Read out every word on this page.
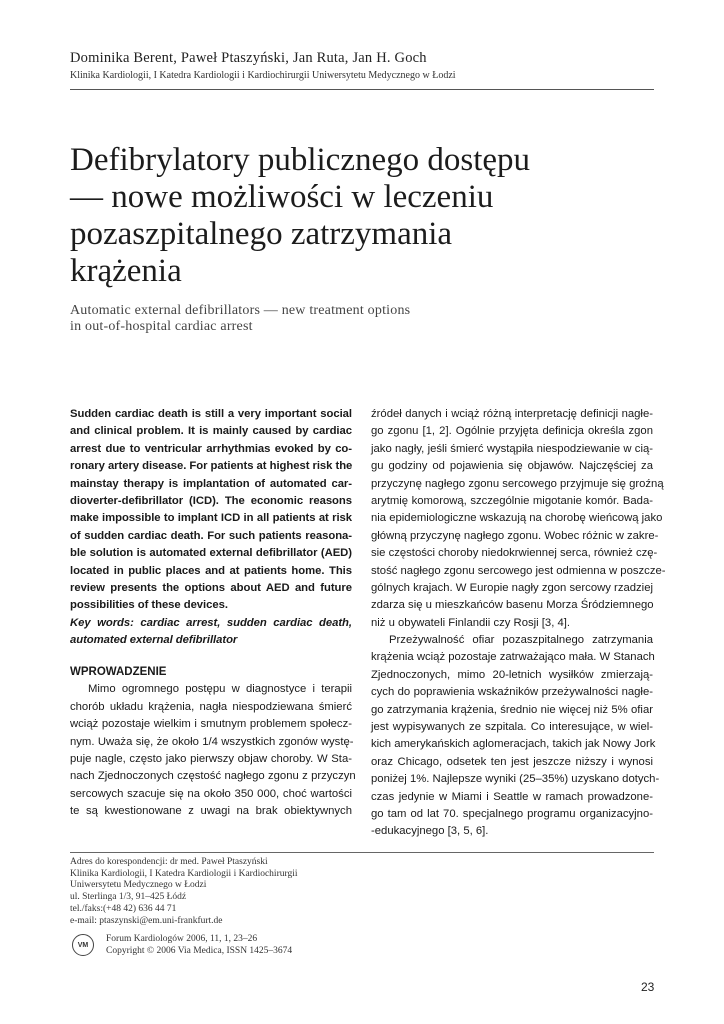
Dominika Berent, Paweł Ptaszyński, Jan Ruta, Jan H. Goch
Klinika Kardiologii, I Katedra Kardiologii i Kardiochirurgii Uniwersytetu Medycznego w Łodzi
Defibrylatory publicznego dostępu
— nowe możliwości w leczeniu
pozaszpitalnego zatrzymania
krążenia
Automatic external defibrillators — new treatment options
in out-of-hospital cardiac arrest
Sudden cardiac death is still a very important social
and clinical problem. It is mainly caused by cardiac
arrest due to ventricular arrhythmias evoked by co-
ronary artery disease. For patients at highest risk the
mainstay therapy is implantation of automated car-
dioverter-defibrillator (ICD). The economic reasons
make impossible to implant ICD in all patients at risk
of sudden cardiac death. For such patients reasona-
ble solution is automated external defibrillator (AED)
located in public places and at patients home. This
review presents the options about AED and future
possibilities of these devices.
Key words: cardiac arrest, sudden cardiac death,
automated external defibrillator
WPROWADZENIE
Mimo ogromnego postępu w diagnostyce i terapii
chorób układu krążenia, nagła niespodziewana śmierć
wciąż pozostaje wielkim i smutnym problemem społecz-
nym. Uważa się, że około 1/4 wszystkich zgonów wystę-
puje nagle, często jako pierwszy objaw choroby. W Sta-
nach Zjednoczonych częstość nagłego zgonu z przyczyn
sercowych szacuje się na około 350 000, choć wartości
te są kwestionowane z uwagi na brak obiektywnych
źródeł danych i wciąż różną interpretację definicji nagłe-
go zgonu [1, 2]. Ogólnie przyjęta definicja określa zgon
jako nagły, jeśli śmierć wystąpiła niespodziewanie w cią-
gu godziny od pojawienia się objawów. Najczęściej za
przyczynę nagłego zgonu sercowego przyjmuje się groźną
arytmię komorową, szczególnie migotanie komór. Bada-
nia epidemiologiczne wskazują na chorobę wieńcową jako
główną przyczynę nagłego zgonu. Wobec różnic w zakre-
sie częstości choroby niedokrwiennej serca, również czę-
stość nagłego zgonu sercowego jest odmienna w poszcze-
gólnych krajach. W Europie nagły zgon sercowy rzadziej
zdarza się u mieszkańców basenu Morza Śródziemnego
niż u obywateli Finlandii czy Rosji [3, 4].
Przeżywalność ofiar pozaszpitalnego zatrzymania
krążenia wciąż pozostaje zatrważająco mała. W Stanach
Zjednoczonych, mimo 20-letnich wysiłków zmierzają-
cych do poprawienia wskaźników przeżywalności nagłe-
go zatrzymania krążenia, średnio nie więcej niż 5% ofiar
jest wypisywanych ze szpitala. Co interesujące, w wiel-
kich amerykańskich aglomeracjach, takich jak Nowy Jork
oraz Chicago, odsetek ten jest jeszcze niższy i wynosi
poniżej 1%. Najlepsze wyniki (25–35%) uzyskano dotych-
czas jedynie w Miami i Seattle w ramach prowadzone-
go tam od lat 70. specjalnego programu organizacyjno-
-edukacyjnego [3, 5, 6].
Adres do korespondencji: dr med. Paweł Ptaszyński
Klinika Kardiologii, I Katedra Kardiologii i Kardiochirurgii
Uniwersytetu Medycznego w Łodzi
ul. Sterlinga 1/3, 91–425 Łódź
tel./faks:(+48 42) 636 44 71
e-mail: ptaszynski@em.uni-frankfurt.de
VM
Forum Kardiologów 2006, 11, 1, 23–26
Copyright © 2006 Via Medica, ISSN 1425–3674
23
